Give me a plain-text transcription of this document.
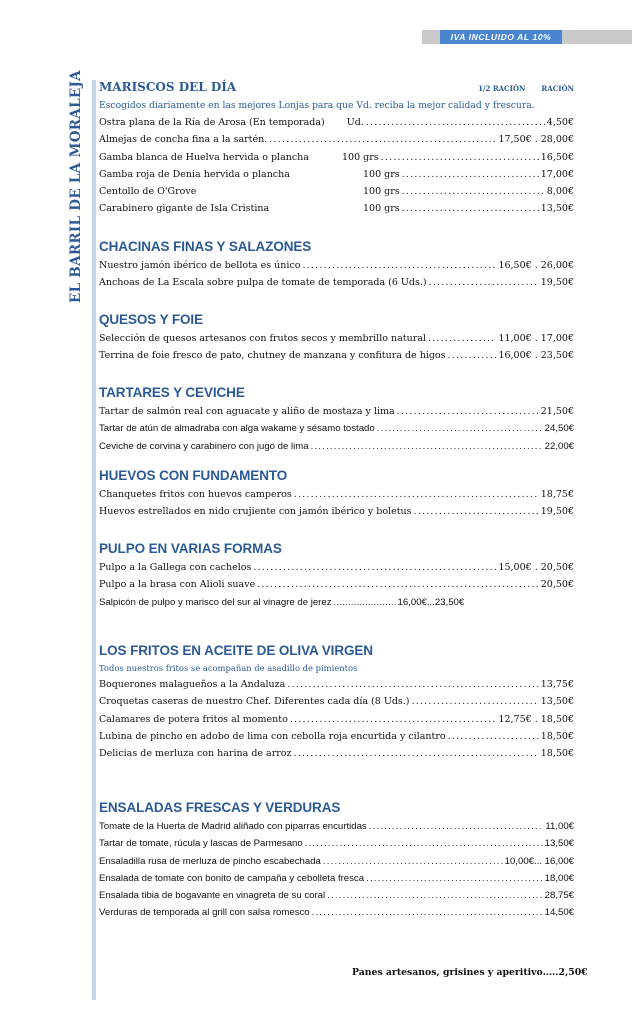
IVA INCLUIDO AL 10%
EL BARRIL DE LA MORALEJA	MARISCOS DEL DÍA	1/2 RACIÓN RACIÓN
Escogidos diariamente en las mejores Lonjas para que Vd. reciba la mejor calidad y frescura.
Ostra plana de la Ría de Arosa (En temporada) Ud. .....	4,50€
Almejas de concha fina a la sartén. .....	17,50€ . 28,00€
Gamba blanca de Huelva hervida o plancha	100 grs .....	16,50€
Gamba roja de Denia hervida o plancha	100 grs .....	17,00€
Centollo de O'Grove	100 grs .....	8,00€
Carabinero gigante de Isla Cristina	100 grs .....	13,50€
CHACINAS FINAS Y SALAZONES
Nuestro jamón ibérico de bellota es único .....	16,50€ . 26,00€
Anchoas de La Escala sobre pulpa de tomate de temporada (6 Uds.) .....	19,50€
QUESOS Y FOIE
Selección de quesos artesanos con frutos secos y membrillo natural .....	11,00€ . 17,00€
Terrina de foie fresco de pato, chutney de manzana y confitura de higos .....	16,00€ . 23,50€
TARTARES Y CEVICHE
Tartar de salmón real con aguacate y aliño de mostaza y lima .....	21,50€
Tartar de atún de almadraba con alga wakame y sésamo tostado .....	24,50€
Ceviche de corvina y carabinero con jugo de lima .....	22,00€
HUEVOS CON FUNDAMENTO
Chanquetes fritos con huevos camperos .....	18,75€
Huevos estrellados en nido crujiente con jamón ibérico y boletus .....	19,50€
PULPO EN VARIAS FORMAS
Pulpo a la Gallega con cachelos .....	15,00€ . 20,50€
Pulpo a la brasa con Alioli suave .....	20,50€
Salpicón de pulpo y marisco del sur al vinagre de jerez .....	16,00€...23,50€
LOS FRITOS EN ACEITE DE OLIVA VIRGEN
Todos nuestros fritos se acompañan de asadillo de pimientos
Boquerones malagueños a la Andaluza .....	13,75€
Croquetas caseras de nuestro Chef. Diferentes cada día (8 Uds.) .....	13,50€
Calamares de potera fritos al momento .....	12,75€ . 18,50€
Lubina de pincho en adobo de lima con cebolla roja encurtida y cilantro .....	18,50€
Delicias de merluza con harina de arroz .....	18,50€
ENSALADAS FRESCAS Y VERDURAS
Tomate de la Huerta de Madrid aliñado con piparras encurtidas .....	11,00€
Tartar de tomate, rúcula y lascas de Parmesano .....	13,50€
Ensaladilla rusa de merluza de pincho escabechada .....	10,00€... 16,00€
Ensalada de tomate con bonito de campaña y cebolleta fresca .....	18,00€
Ensalada tibia de bogavante en vinagreta de su coral .....	28,75€
Verduras de temporada al grill con salsa romesco .....	14,50€
Panes artesanos, grisines y aperitivo…..2,50€
